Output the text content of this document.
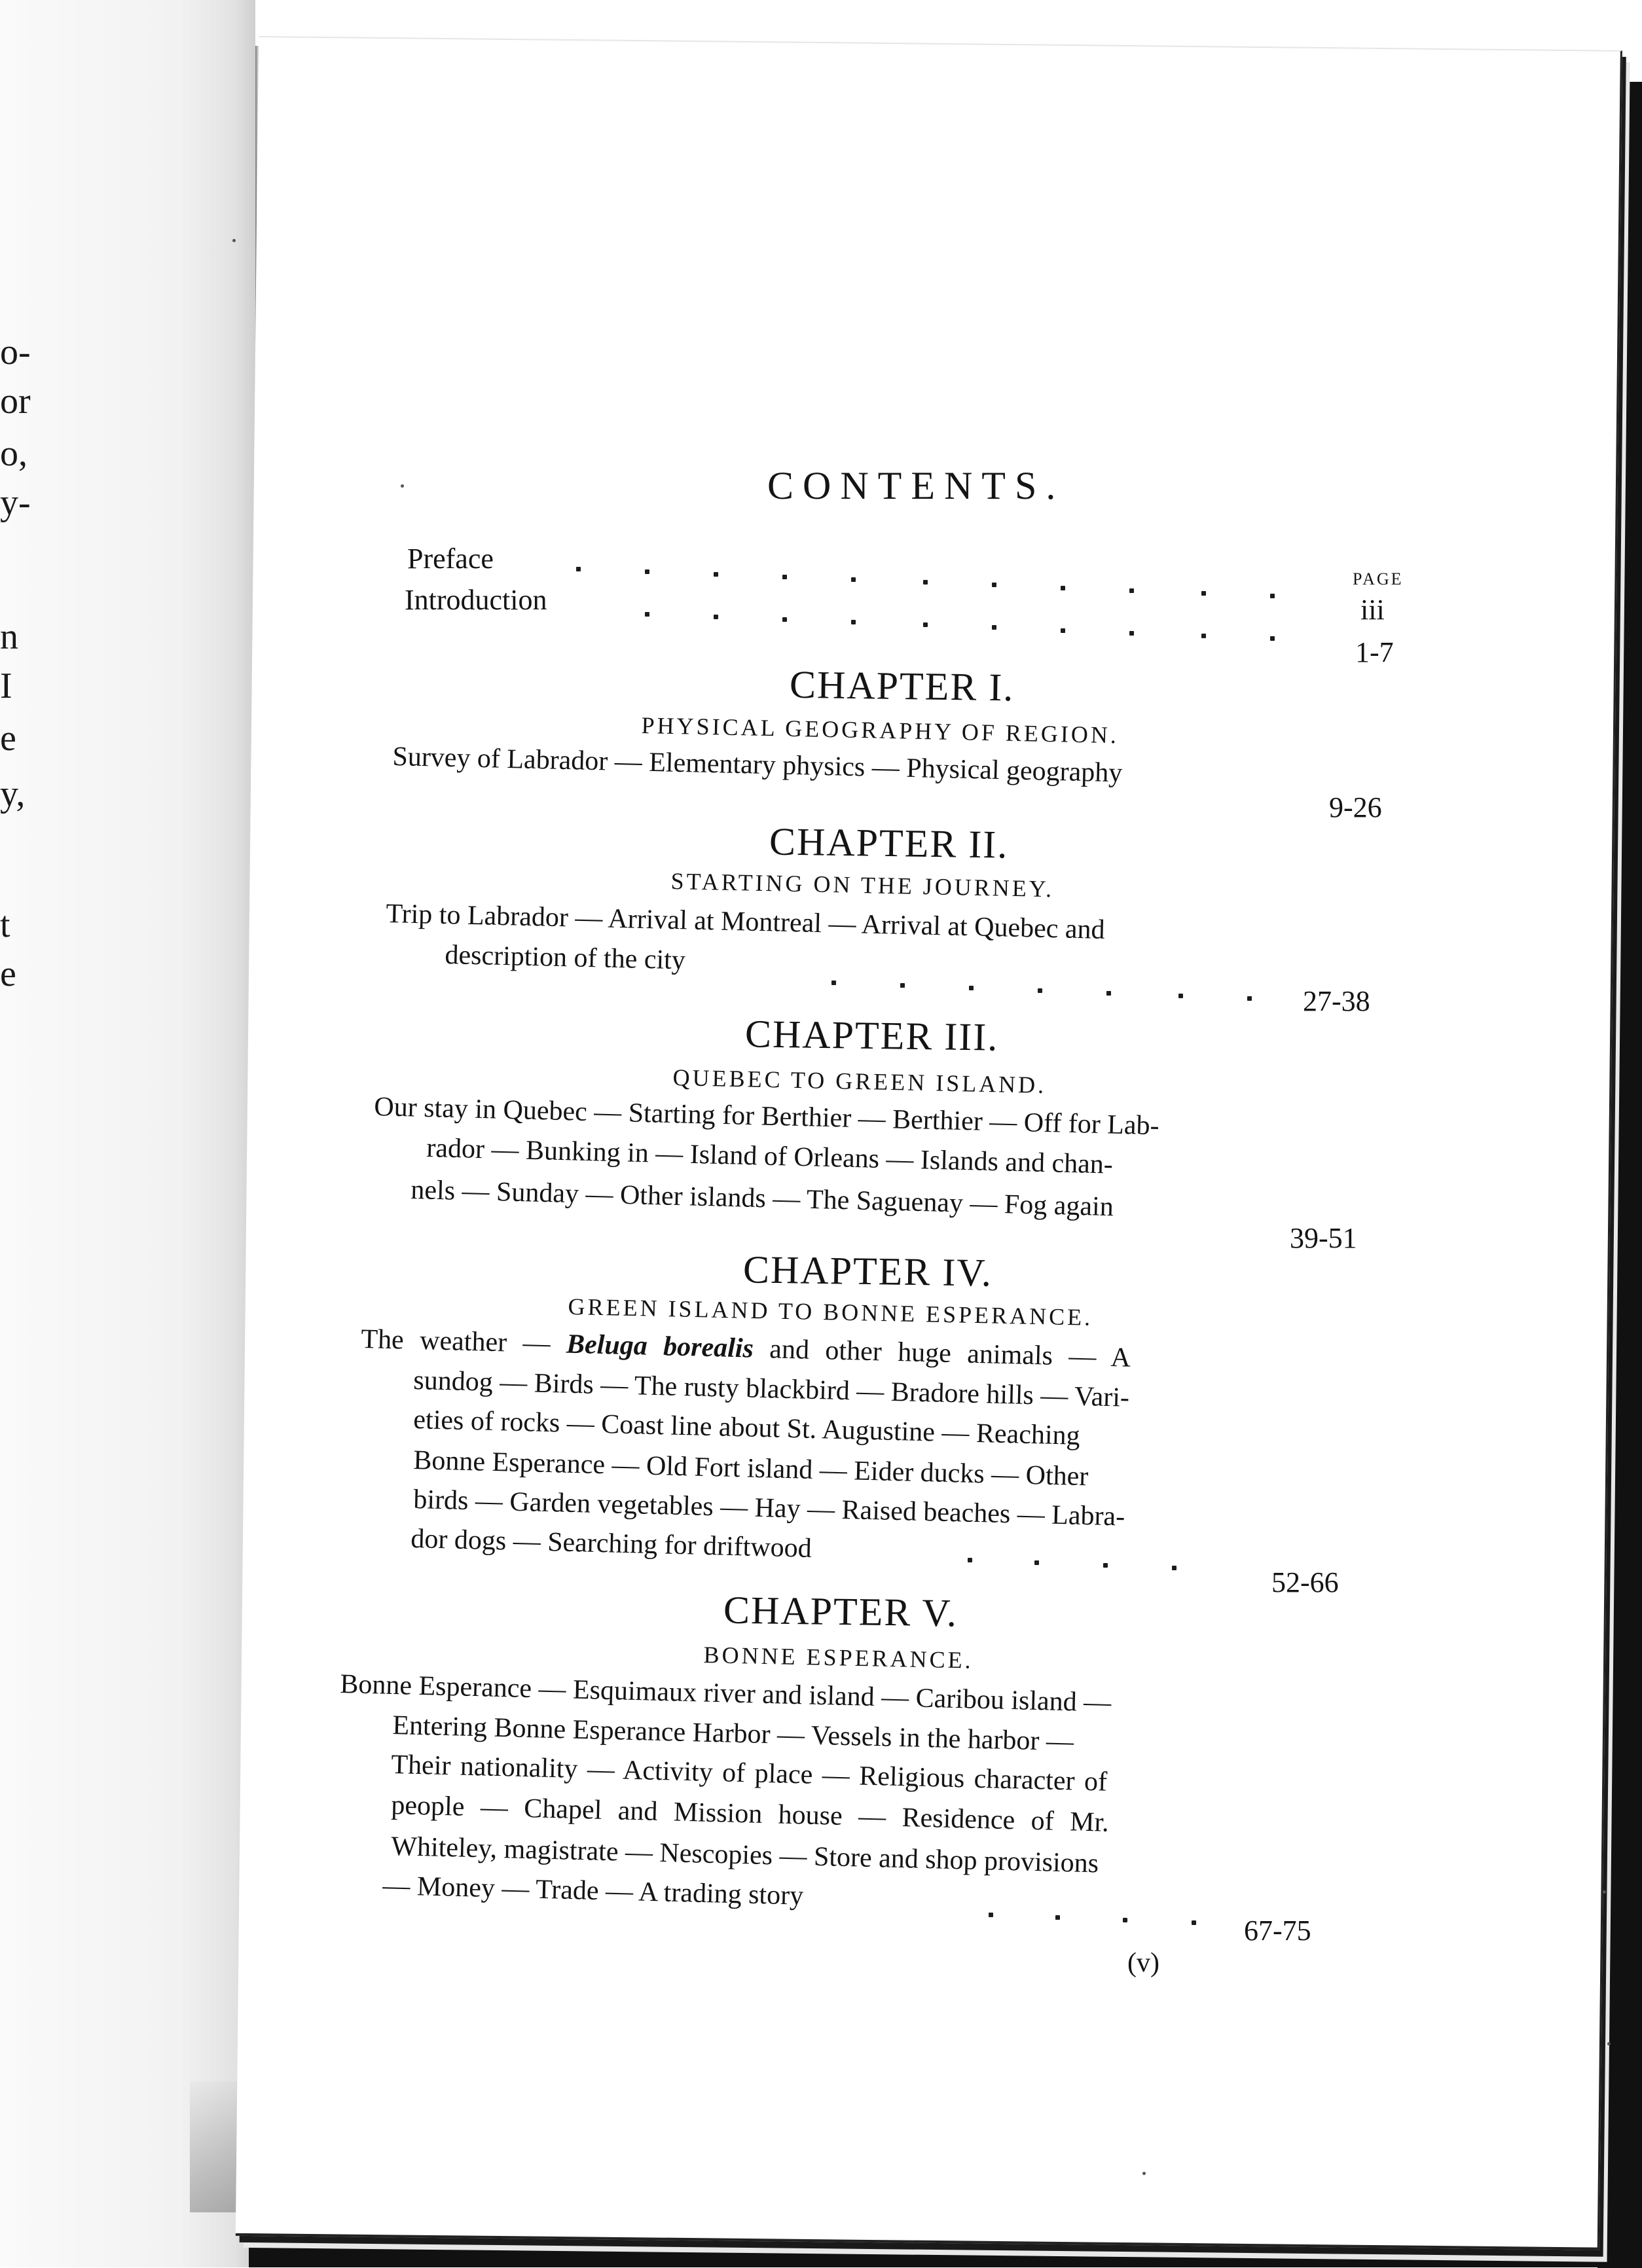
o-
or
o,
y-
n
I
e
y,
t
e
CONTENTS.
Preface
Introduction
PAGE
iii
1-7
CHAPTER I.
PHYSICAL GEOGRAPHY OF REGION.
Survey of Labrador — Elementary physics — Physical geography
9-26
CHAPTER II.
STARTING ON THE JOURNEY.
Trip to Labrador — Arrival at Montreal — Arrival at Quebec and
description of the city
27-38
CHAPTER III.
QUEBEC TO GREEN ISLAND.
Our stay in Quebec — Starting for Berthier — Berthier — Off for Lab-
rador — Bunking in — Island of Orleans — Islands and chan-
nels — Sunday — Other islands — The Saguenay — Fog again
39-51
CHAPTER IV.
GREEN ISLAND TO BONNE ESPERANCE.
The weather — Beluga borealis and other huge animals — A
sundog — Birds — The rusty blackbird — Bradore hills — Vari-
eties of rocks — Coast line about St. Augustine — Reaching
Bonne Esperance — Old Fort island — Eider ducks — Other
birds — Garden vegetables — Hay — Raised beaches — Labra-
dor dogs — Searching for driftwood
52-66
CHAPTER V.
BONNE ESPERANCE.
Bonne Esperance — Esquimaux river and island — Caribou island —
Entering Bonne Esperance Harbor — Vessels in the harbor —
Their nationality — Activity of place — Religious character of
people — Chapel and Mission house — Residence of Mr.
Whiteley, magistrate — Nescopies — Store and shop provisions
— Money — Trade — A trading story
67-75
(v)
